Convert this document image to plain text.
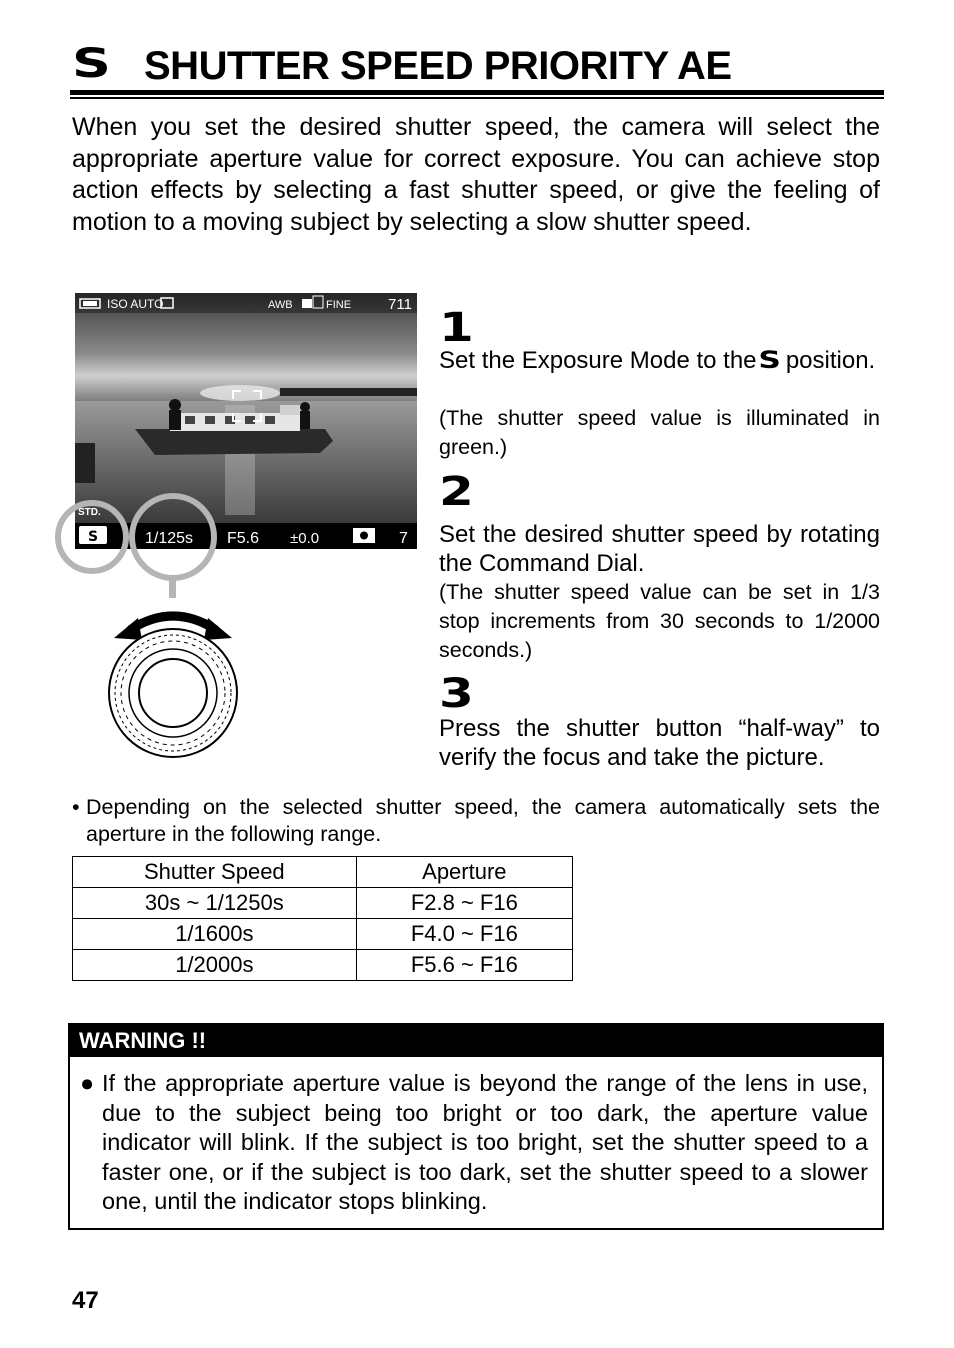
S SHUTTER SPEED PRIORITY AE
When you set the desired shutter speed, the camera will select the appropriate aperture value for correct exposure. You can achieve stop action effects by selecting a fast shutter speed, or give the feeling of motion to a moving subject by selecting a slow shutter speed.
ISO AUTO	AWB	FINE 711
STD.
S	1/125s F5.6 ±0.0	7
1
Set the Exposure Mode to theS position.
(The shutter speed value is illuminated in green.)
2
Set the desired shutter speed by rotating the Command Dial.
(The shutter speed value can be set in 1/3 stop increments from 30 seconds to 1/2000 seconds.)
3
Press the shutter button “half-way” to verify the focus and take the picture.
• Depending on the selected shutter speed, the camera automatically sets the aperture in the following range.
Shutter Speed	Aperture
30s ~ 1/1250s	F2.8 ~ F16
1/1600s	F4.0 ~ F16
1/2000s	F5.6 ~ F16
WARNING !!
● If the appropriate aperture value is beyond the range of the lens in use, due to the subject being too bright or too dark, the aperture value indicator will blink. If the subject is too bright, set the shutter speed to a faster one, or if the subject is too dark, set the shutter speed to a slower one, until the indicator stops blinking.
47
